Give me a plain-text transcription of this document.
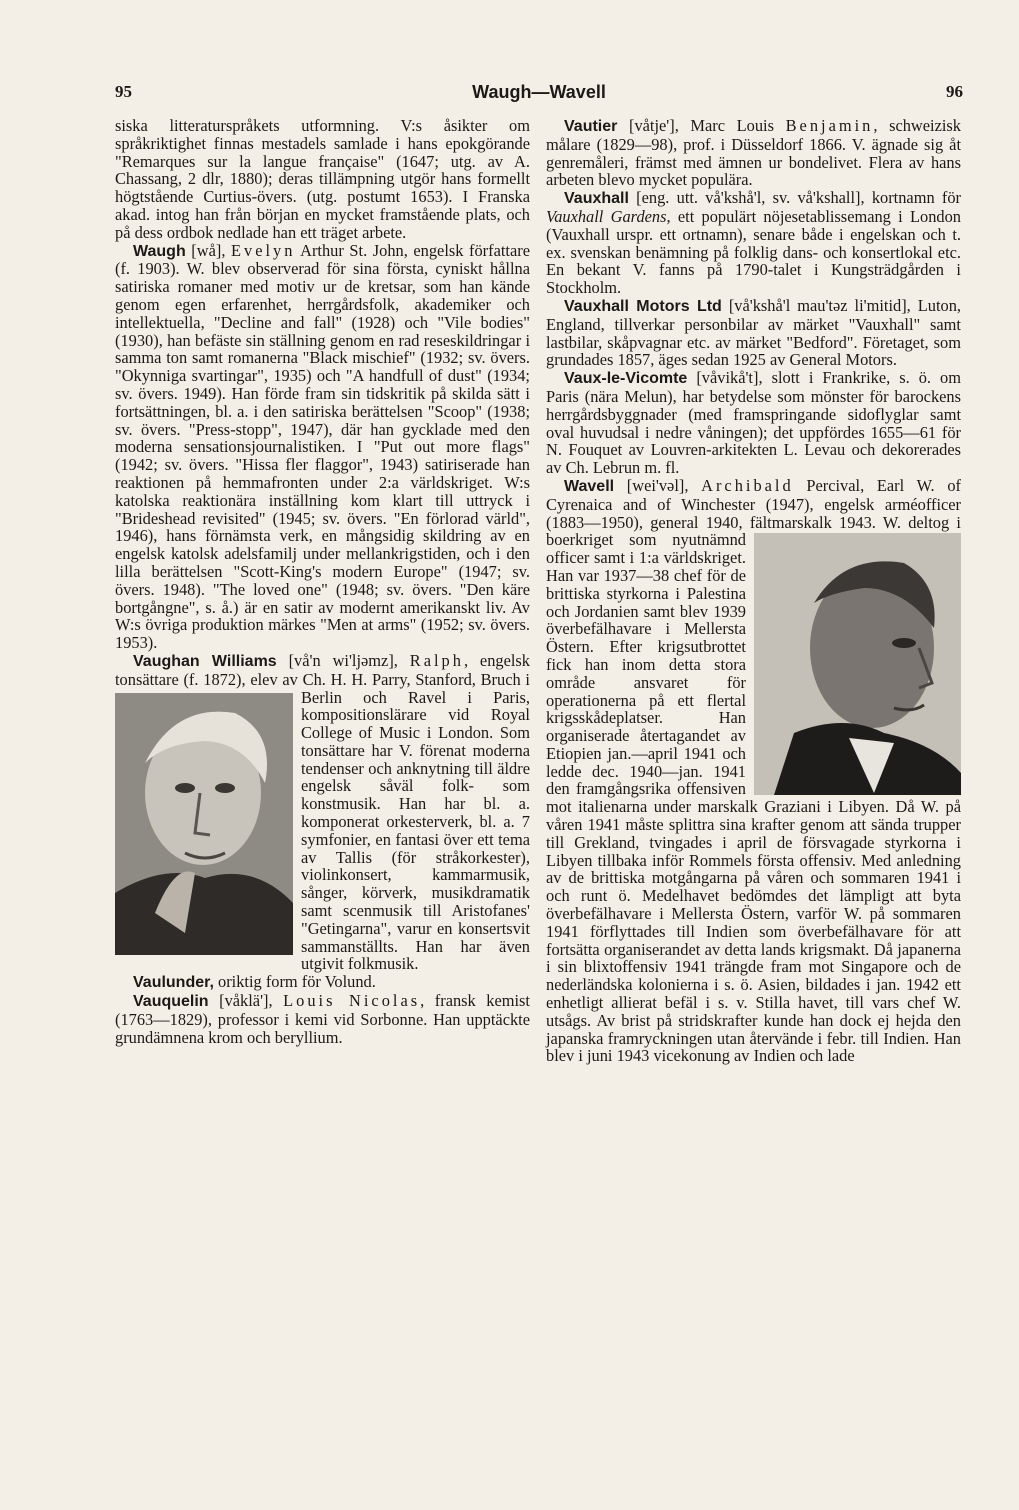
95	Waugh—Wavell	96

siska litteraturspråkets utformning. V:s åsikter om språkriktighet finnas mestadels samlade i hans epokgörande "Remarques sur la langue française" (1647; utg. av A. Chassang, 2 dlr, 1880); deras tillämpning utgör hans formellt högtstående Curtius-övers. (utg. postumt 1653). I Franska akad. intog han från början en mycket framstående plats, och på dess ordbok nedlade han ett träget arbete.

Waugh [wå], Evelyn Arthur St. John, engelsk författare (f. 1903). W. blev observerad för sina första, cyniskt hållna satiriska romaner med motiv ur de kretsar, som han kände genom egen erfarenhet, herrgårdsfolk, akademiker och intellektuella, "Decline and fall" (1928) och "Vile bodies" (1930), han befäste sin ställning genom en rad reseskildringar i samma ton samt romanerna "Black mischief" (1932; sv. övers. "Okynniga svartingar", 1935) och "A handfull of dust" (1934; sv. övers. 1949). Han förde fram sin tidskritik på skilda sätt i fortsättningen, bl. a. i den satiriska berättelsen "Scoop" (1938; sv. övers. "Press-stopp", 1947), där han gycklade med den moderna sensationsjournalistiken. I "Put out more flags" (1942; sv. övers. "Hissa fler flaggor", 1943) satiriserade han reaktionen på hemmafronten under 2:a världskriget. W:s katolska reaktionära inställning kom klart till uttryck i "Brideshead revisited" (1945; sv. övers. "En förlorad värld", 1946), hans förnämsta verk, en mångsidig skildring av en engelsk katolsk adelsfamilj under mellankrigstiden, och i den lilla berättelsen "Scott-King's modern Europe" (1947; sv. övers. 1948). "The loved one" (1948; sv. övers. "Den käre bortgångne", s. å.) är en satir av modernt amerikanskt liv. Av W:s övriga produktion märkes "Men at arms" (1952; sv. övers. 1953).

Vaughan Williams [vå'n wi'ljəmz], Ralph, engelsk tonsättare (f. 1872), elev av Ch. H. H. Parry, Stanford, Bruch i Berlin och Ravel i Paris,
kompositionslärare vid Royal College of Music i London. Som tonsättare har V. förenat moderna tendenser och anknytning till äldre engelsk såväl folk- som konstmusik. Han har bl. a. komponerat orkesterverk, bl. a. 7 symfonier, en fantasi över ett tema av Tallis (för stråkorkester), violinkonsert, kammarmusik, sånger, körverk, musikdramatik samt scenmusik till Aristofanes' "Getingarna", varur en konsertsvit sammanställts. Han har även utgivit folkmusik.

Vaulunder, oriktig form för Volund.

Vauquelin [våklä'], Louis Nicolas, fransk kemist (1763—1829), professor i kemi vid Sorbonne. Han upptäckte grundämnena krom och beryllium.

Vautier [våtje'], Marc Louis Benjamin, schweizisk målare (1829—98), prof. i Düsseldorf 1866. V. ägnade sig åt genremåleri, främst med ämnen ur bondelivet. Flera av hans arbeten blevo mycket populära.

Vauxhall [eng. utt. vå'kshå'l, sv. vå'kshall], kortnamn för Vauxhall Gardens, ett populärt nöjesetablissemang i London (Vauxhall urspr. ett ortnamn), senare både i engelskan och t. ex. svenskan benämning på folklig dans- och konsertlokal etc. En bekant V. fanns på 1790-talet i Kungsträdgården i Stockholm.

Vauxhall Motors Ltd [vå'kshå'l mau'təz li'mitid], Luton, England, tillverkar personbilar av märket "Vauxhall" samt lastbilar, skåpvagnar etc. av märket "Bedford". Företaget, som grundades 1857, äges sedan 1925 av General Motors.

Vaux-le-Vicomte [våvikå't], slott i Frankrike, s. ö. om Paris (nära Melun), har betydelse som mönster för barockens herrgårdsbyggnader (med framspringande sidoflyglar samt oval huvudsal i nedre våningen); det uppfördes 1655—61 för N. Fouquet av Louvren-arkitekten L. Levau och dekorerades av Ch. Lebrun m. fl.

Wavell [wei'vəl], Archibald Percival, Earl W. of Cyrenaica and of Winchester (1947), engelsk arméofficer (1883—1950), general 1940, fältmarskalk 1943. W. deltog i boerkriget som nyutnämnd officer samt i 1:a världskriget. Han var 1937—38 chef för de brittiska styrkorna i Palestina och Jordanien samt blev 1939 överbefälhavare i Mellersta Östern. Efter krigsutbrottet fick han inom detta stora område ansvaret för operationerna på ett flertal krigsskådeplatser. Han organiserade återtagandet av Etiopien jan.—april 1941 och ledde dec. 1940—jan. 1941 den framgångsrika offensiven mot italienarna under marskalk Graziani i Libyen. Då W. på våren 1941 måste splittra sina krafter genom att sända trupper till Grekland, tvingades i april de försvagade styrkorna i Libyen tillbaka inför Rommels första offensiv. Med anledning av de brittiska motgångarna på våren och sommaren 1941 i och runt ö. Medelhavet bedömdes det lämpligt att byta överbefälhavare i Mellersta Östern, varför W. på sommaren 1941 förflyttades till Indien som överbefälhavare för att fortsätta organiserandet av detta lands krigsmakt. Då japanerna i sin blixtoffensiv 1941 trängde fram mot Singapore och de nederländska kolonierna i s. ö. Asien, bildades i jan. 1942 ett enhetligt allierat befäl i s. v. Stilla havet, till vars chef W. utsågs. Av brist på stridskrafter kunde han dock ej hejda den japanska framryckningen utan återvände i febr. till Indien. Han blev i juni 1943 vicekonung av Indien och lade
